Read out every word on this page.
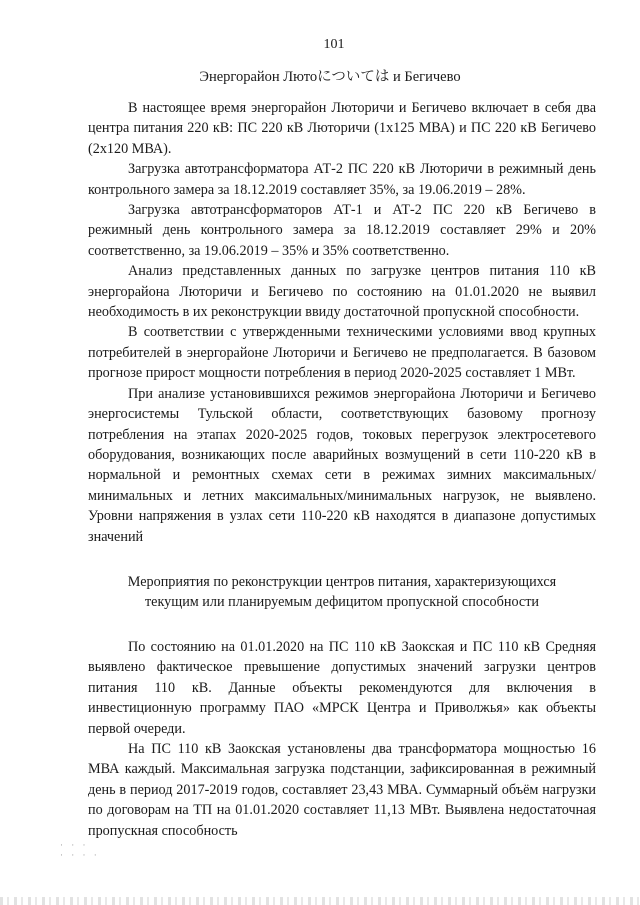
101
Энергорайон Лютоについては и Бегичево

В настоящее время энергорайон Люторичи и Бегичево включает в себя два центра питания 220 кВ: ПС 220 кВ Люторичи (1х125 МВА) и ПС 220 кВ Бегичево (2х120 МВА).

Загрузка автотрансформатора АТ-2 ПС 220 кВ Люторичи в режимный день контрольного замера за 18.12.2019 составляет 35%, за 19.06.2019 – 28%.

Загрузка автотрансформаторов АТ-1 и АТ-2 ПС 220 кВ Бегичево в режимный день контрольного замера за 18.12.2019 составляет 29% и 20% соответственно, за 19.06.2019 – 35% и 35% соответственно.

Анализ представленных данных по загрузке центров питания 110 кВ энергорайона Люторичи и Бегичево по состоянию на 01.01.2020 не выявил необходимость в их реконструкции ввиду достаточной пропускной способности.

В соответствии с утвержденными техническими условиями ввод крупных потребителей в энергорайоне Люторичи и Бегичево не предполагается. В базовом прогнозе прирост мощности потребления в период 2020-2025 составляет 1 МВт.

При анализе установившихся режимов энергорайона Люторичи и Бегичево энергосистемы Тульской области, соответствующих базовому прогнозу потребления на этапах 2020-2025 годов, токовых перегрузок электросетевого оборудования, возникающих после аварийных возмущений в сети 110-220 кВ в нормальной и ремонтных схемах сети в режимах зимних максимальных/минимальных и летних максимальных/минимальных нагрузок, не выявлено. Уровни напряжения в узлах сети 110-220 кВ находятся в диапазоне допустимых значений

Мероприятия по реконструкции центров питания, характеризующихся
текущим или планируемым дефицитом пропускной способности

По состоянию на 01.01.2020 на ПС 110 кВ Заокская и ПС 110 кВ Средняя выявлено фактическое превышение допустимых значений загрузки центров питания 110 кВ. Данные объекты рекомендуются для включения в инвестиционную программу ПАО «МРСК Центра и Приволжья» как объекты первой очереди.

На ПС 110 кВ Заокская установлены два трансформатора мощностью 16 МВА каждый. Максимальная загрузка подстанции, зафиксированная в режимный день в период 2017-2019 годов, составляет 23,43 МВА. Суммарный объём нагрузки по договорам на ТП на 01.01.2020 составляет 11,13 МВт. Выявлена недостаточная пропускная способность

· · ·
· · · ·
